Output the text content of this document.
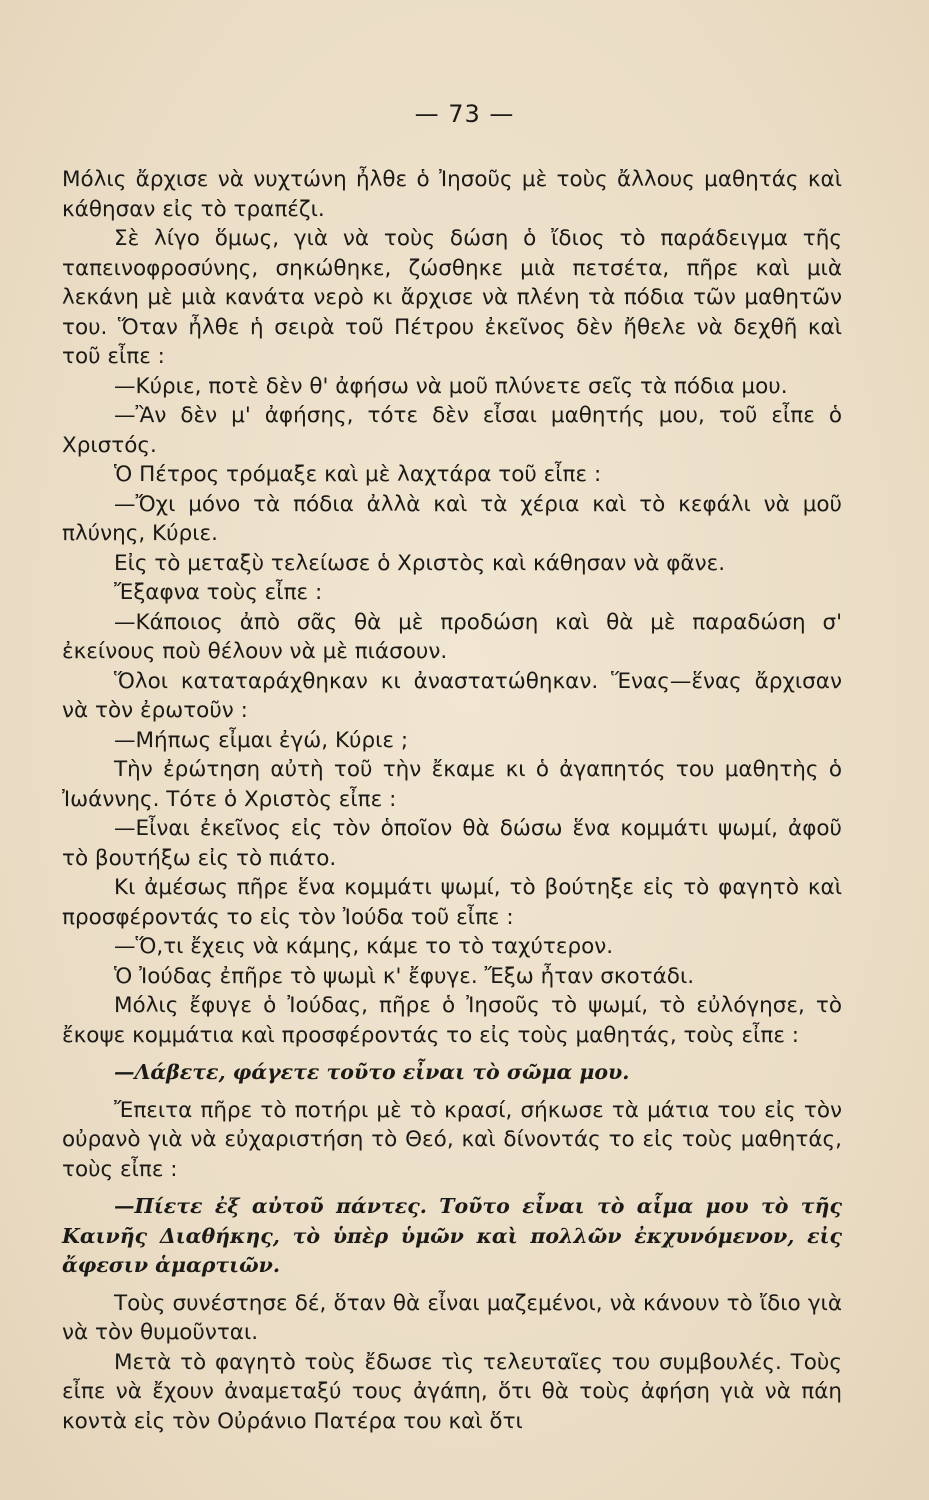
— 73 —

Μόλις ἄρχισε νὰ νυχτώνη ἦλθε ὁ Ἰησοῦς μὲ τοὺς ἄλλους μαθητάς καὶ κάθησαν εἰς τὸ τραπέζι.

Σὲ λίγο ὅμως, γιὰ νὰ τοὺς δώση ὁ ἴδιος τὸ παράδειγμα τῆς ταπεινοφροσύνης, σηκώθηκε, ζώσθηκε μιὰ πετσέτα, πῆρε καὶ μιὰ λεκάνη μὲ μιὰ κανάτα νερὸ κι ἄρχισε νὰ πλένη τὰ πόδια τῶν μαθητῶν του. Ὅταν ἦλθε ἡ σειρὰ τοῦ Πέτρου ἐκεῖνος δὲν ἤθελε νὰ δεχθῆ καὶ τοῦ εἶπε :

—Κύριε, ποτὲ δὲν θ' ἀφήσω νὰ μοῦ πλύνετε σεῖς τὰ πόδια μου.

—Ἂν δὲν μ' ἀφήσης, τότε δὲν εἶσαι μαθητής μου, τοῦ εἶπε ὁ Χριστός.

Ὁ Πέτρος τρόμαξε καὶ μὲ λαχτάρα τοῦ εἶπε :

—Ὄχι μόνο τὰ πόδια ἀλλὰ καὶ τὰ χέρια καὶ τὸ κεφάλι νὰ μοῦ πλύνης, Κύριε.

Εἰς τὸ μεταξὺ τελείωσε ὁ Χριστὸς καὶ κάθησαν νὰ φᾶνε.

Ἔξαφνα τοὺς εἶπε :

—Κάποιος ἀπὸ σᾶς θὰ μὲ προδώση καὶ θὰ μὲ παραδώση σ' ἐκείνους ποὺ θέλουν νὰ μὲ πιάσουν.

Ὅλοι καταταράχθηκαν κι ἀναστατώθηκαν. Ἕνας—ἕνας ἄρχισαν νὰ τὸν ἐρωτοῦν :

—Μήπως εἶμαι ἐγώ, Κύριε ;

Τὴν ἐρώτηση αὐτὴ τοῦ τὴν ἔκαμε κι ὁ ἀγαπητός του μαθητὴς ὁ Ἰωάννης. Τότε ὁ Χριστὸς εἶπε :

—Εἶναι ἐκεῖνος εἰς τὸν ὁποῖον θὰ δώσω ἕνα κομμάτι ψωμί, ἀφοῦ τὸ βουτήξω εἰς τὸ πιάτο.

Κι ἀμέσως πῆρε ἕνα κομμάτι ψωμί, τὸ βούτηξε εἰς τὸ φαγητὸ καὶ προσφέροντάς το εἰς τὸν Ἰούδα τοῦ εἶπε :

—Ὅ,τι ἔχεις νὰ κάμης, κάμε το τὸ ταχύτερον.

Ὁ Ἰούδας ἐπῆρε τὸ ψωμὶ κ' ἔφυγε. Ἔξω ἦταν σκοτάδι.

Μόλις ἔφυγε ὁ Ἰούδας, πῆρε ὁ Ἰησοῦς τὸ ψωμί, τὸ εὐλόγησε, τὸ ἔκοψε κομμάτια καὶ προσφέροντάς το εἰς τοὺς μαθητάς, τοὺς εἶπε :

—Λάβετε, φάγετε τοῦτο εἶναι τὸ σῶμα μου.

Ἔπειτα πῆρε τὸ ποτήρι μὲ τὸ κρασί, σήκωσε τὰ μάτια του εἰς τὸν οὐρανὸ γιὰ νὰ εὐχαριστήση τὸ Θεό, καὶ δίνοντάς το εἰς τοὺς μαθητάς, τοὺς εἶπε :

—Πίετε ἐξ αὐτοῦ πάντες. Τοῦτο εἶναι τὸ αἷμα μου τὸ τῆς Καινῆς Διαθήκης, τὸ ὑπὲρ ὑμῶν καὶ πολλῶν ἐκχυνόμενον, εἰς ἄφεσιν ἁμαρτιῶν.

Τοὺς συνέστησε δέ, ὅταν θὰ εἶναι μαζεμένοι, νὰ κάνουν τὸ ἴδιο γιὰ νὰ τὸν θυμοῦνται.

Μετὰ τὸ φαγητὸ τοὺς ἔδωσε τὶς τελευταῖες του συμβουλές. Τοὺς εἶπε νὰ ἔχουν ἀναμεταξύ τους ἀγάπη, ὅτι θὰ τοὺς ἀφήση γιὰ νὰ πάη κοντὰ εἰς τὸν Οὐράνιο Πατέρα του καὶ ὅτι
